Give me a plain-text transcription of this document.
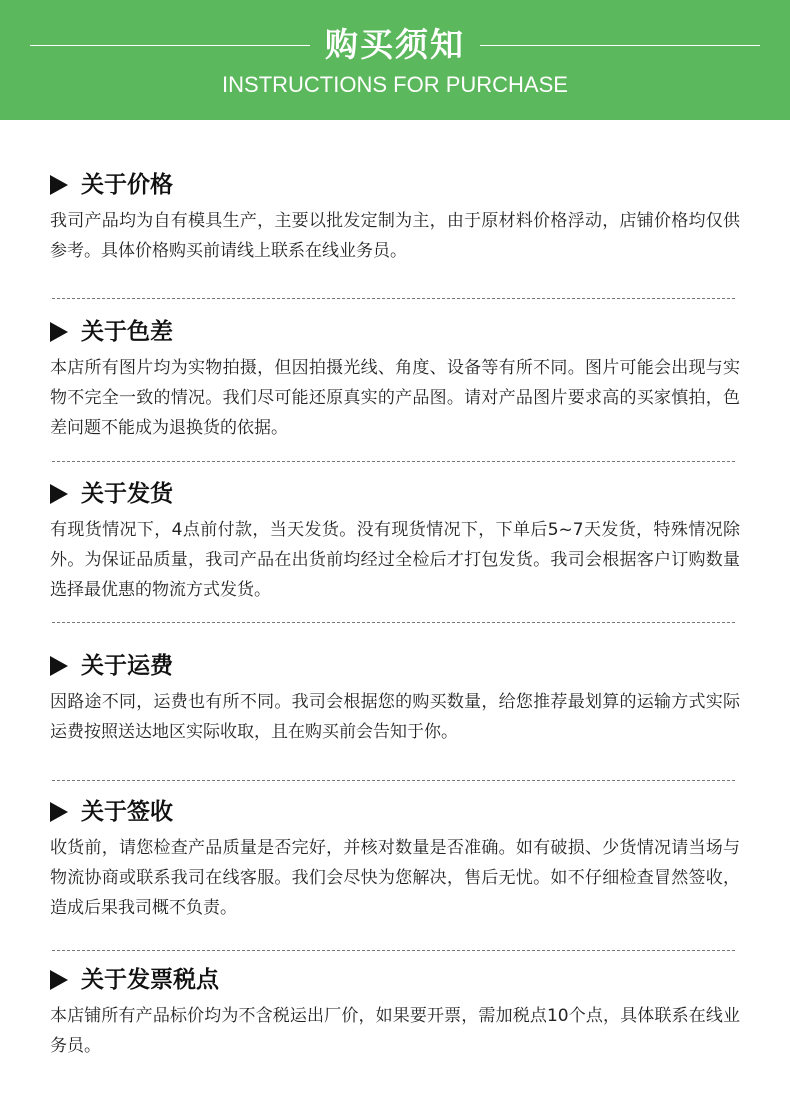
购买须知
INSTRUCTIONS FOR PURCHASE
关于价格
我司产品均为自有模具生产，主要以批发定制为主，由于原材料价格浮动，店铺价格均仅供参考。具体价格购买前请线上联系在线业务员。
关于色差
本店所有图片均为实物拍摄，但因拍摄光线、角度、设备等有所不同。图片可能会出现与实物不完全一致的情况。我们尽可能还原真实的产品图。请对产品图片要求高的买家慎拍，色差问题不能成为退换货的依据。
关于发货
有现货情况下，4点前付款，当天发货。没有现货情况下，下单后5~7天发货，特殊情况除外。为保证品质量，我司产品在出货前均经过全检后才打包发货。我司会根据客户订购数量选择最优惠的物流方式发货。
关于运费
因路途不同，运费也有所不同。我司会根据您的购买数量，给您推荐最划算的运输方式实际运费按照送达地区实际收取，且在购买前会告知于你。
关于签收
收货前，请您检查产品质量是否完好，并核对数量是否准确。如有破损、少货情况请当场与物流协商或联系我司在线客服。我们会尽快为您解决，售后无忧。如不仔细检查冒然签收，造成后果我司概不负责。
关于发票税点
本店铺所有产品标价均为不含税运出厂价，如果要开票，需加税点10个点，具体联系在线业务员。
